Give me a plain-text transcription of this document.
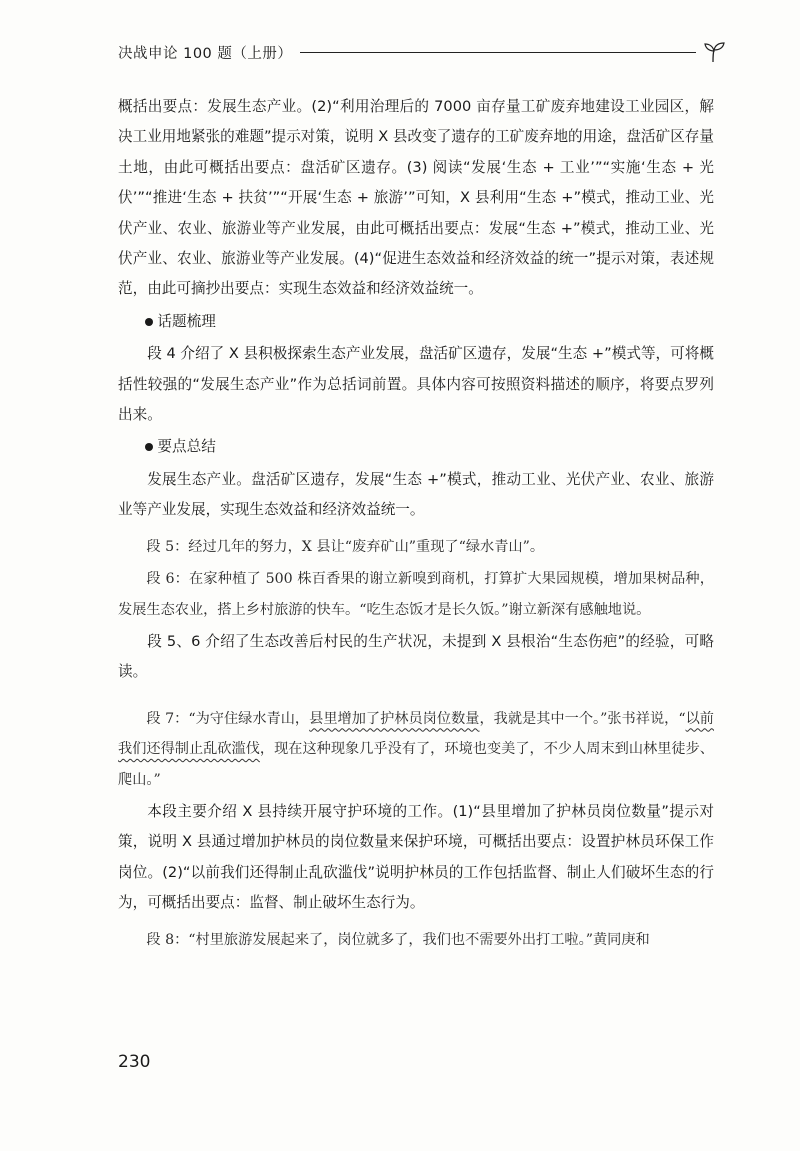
决战申论 100 题（上册）

概括出要点：发展生态产业。(2)“利用治理后的 7000 亩存量工矿废弃地建设工业园区，解决工业用地紧张的难题”提示对策，说明 X 县改变了遗存的工矿废弃地的用途，盘活矿区存量土地，由此可概括出要点：盘活矿区遗存。(3) 阅读“发展‘生态 + 工业’”“实施‘生态 + 光伏’”“推进‘生态 + 扶贫’”“开展‘生态 + 旅游’”可知，X 县利用“生态 +”模式，推动工业、光伏产业、农业、旅游业等产业发展，由此可概括出要点：发展“生态 +”模式，推动工业、光伏产业、农业、旅游业等产业发展。(4)“促进生态效益和经济效益的统一”提示对策，表述规范，由此可摘抄出要点：实现生态效益和经济效益统一。

话题梳理

段 4 介绍了 X 县积极探索生态产业发展，盘活矿区遗存，发展“生态 +”模式等，可将概括性较强的“发展生态产业”作为总括词前置。具体内容可按照资料描述的顺序，将要点罗列出来。

要点总结

发展生态产业。盘活矿区遗存，发展“生态 +”模式，推动工业、光伏产业、农业、旅游业等产业发展，实现生态效益和经济效益统一。

段 5：经过几年的努力，X 县让“废弃矿山”重现了“绿水青山”。

段 6：在家种植了 500 株百香果的谢立新嗅到商机，打算扩大果园规模，增加果树品种，发展生态农业，搭上乡村旅游的快车。“吃生态饭才是长久饭。”谢立新深有感触地说。

段 5、6 介绍了生态改善后村民的生产状况，未提到 X 县根治“生态伤疤”的经验，可略读。

段 7：“为守住绿水青山，县里增加了护林员岗位数量，我就是其中一个。”张书祥说，“以前我们还得制止乱砍滥伐，现在这种现象几乎没有了，环境也变美了，不少人周末到山林里徒步、爬山。”

本段主要介绍 X 县持续开展守护环境的工作。(1)“县里增加了护林员岗位数量”提示对策，说明 X 县通过增加护林员的岗位数量来保护环境，可概括出要点：设置护林员环保工作岗位。(2)“以前我们还得制止乱砍滥伐”说明护林员的工作包括监督、制止人们破坏生态的行为，可概括出要点：监督、制止破坏生态行为。

段 8：“村里旅游发展起来了，岗位就多了，我们也不需要外出打工啦。”黄同庚和

230
